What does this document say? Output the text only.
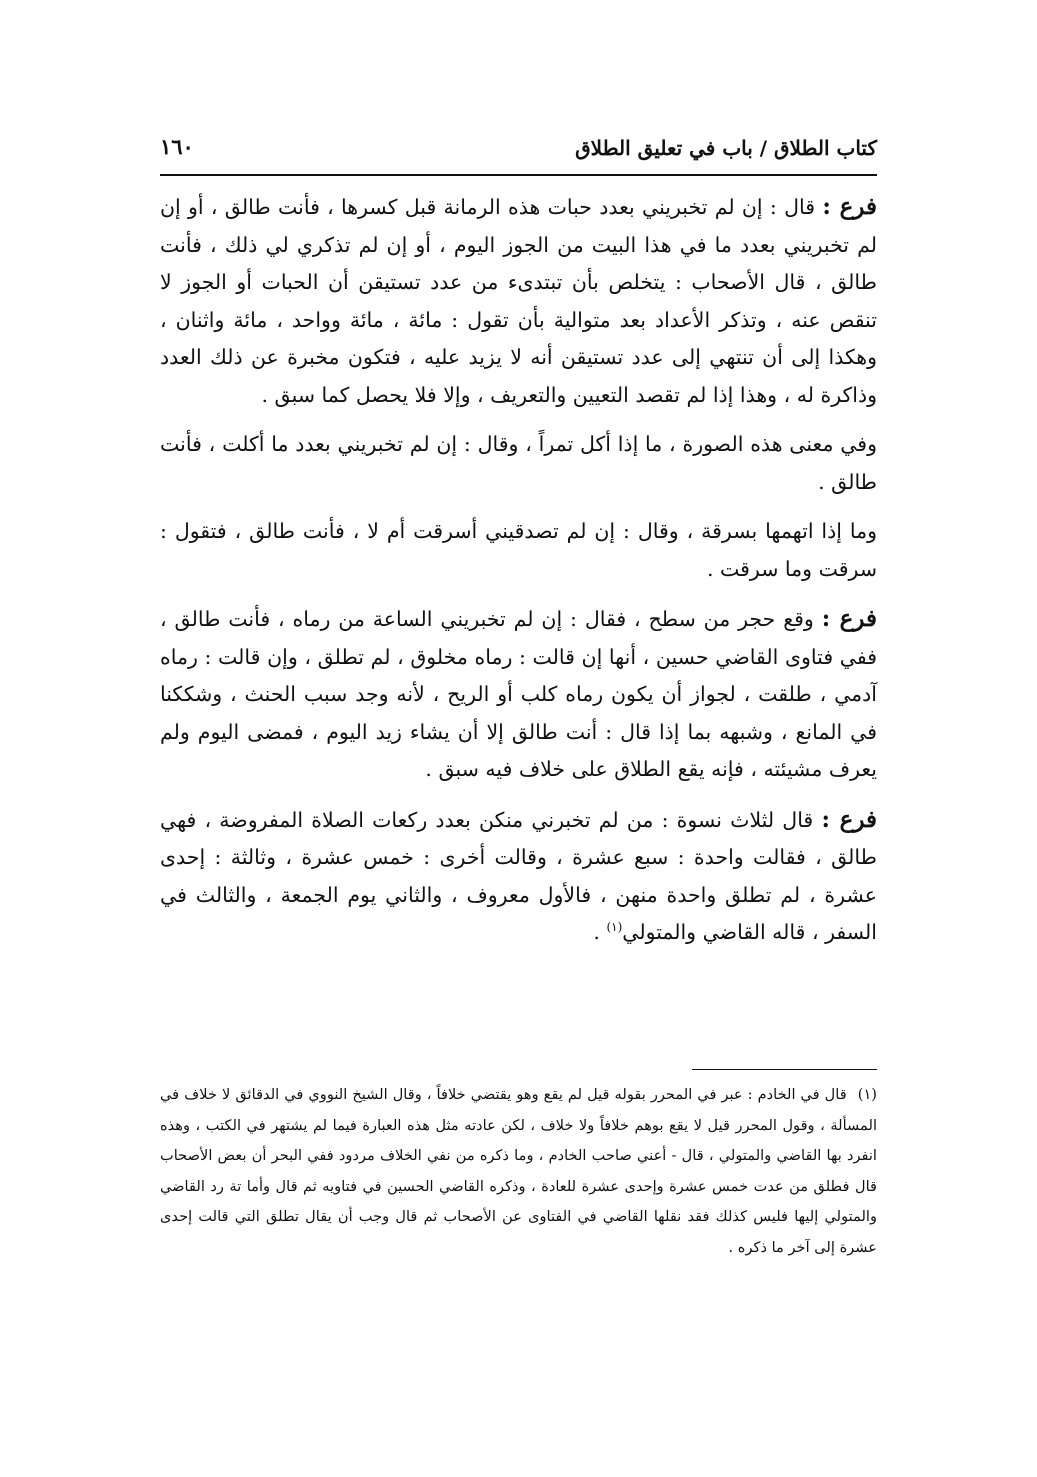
كتاب الطلاق / باب في تعليق الطلاق
١٦٠

فرع : قال : إن لم تخبريني بعدد حبات هذه الرمانة قبل كسرها ، فأنت طالق ، أو إن لم تخبريني بعدد ما في هذا البيت من الجوز اليوم ، أو إن لم تذكري لي ذلك ، فأنت طالق ، قال الأصحاب : يتخلص بأن تبتدىء من عدد تستيقن أن الحبات أو الجوز لا تنقص عنه ، وتذكر الأعداد بعد متوالية بأن تقول : مائة ، مائة وواحد ، مائة واثنان ، وهكذا إلى أن تنتهي إلى عدد تستيقن أنه لا يزيد عليه ، فتكون مخبرة عن ذلك العدد وذاكرة له ، وهذا إذا لم تقصد التعيين والتعريف ، وإلا فلا يحصل كما سبق .

وفي معنى هذه الصورة ، ما إذا أكل تمراً ، وقال : إن لم تخبريني بعدد ما أكلت ، فأنت طالق .

وما إذا اتهمها بسرقة ، وقال : إن لم تصدقيني أسرقت أم لا ، فأنت طالق ، فتقول : سرقت وما سرقت .

فرع : وقع حجر من سطح ، فقال : إن لم تخبريني الساعة من رماه ، فأنت طالق ، ففي فتاوى القاضي حسين ، أنها إن قالت : رماه مخلوق ، لم تطلق ، وإن قالت : رماه آدمي ، طلقت ، لجواز أن يكون رماه كلب أو الريح ، لأنه وجد سبب الحنث ، وشككنا في المانع ، وشبهه بما إذا قال : أنت طالق إلا أن يشاء زيد اليوم ، فمضى اليوم ولم يعرف مشيئته ، فإنه يقع الطلاق على خلاف فيه سبق .

فرع : قال لثلاث نسوة : من لم تخبرني منكن بعدد ركعات الصلاة المفروضة ، فهي طالق ، فقالت واحدة : سبع عشرة ، وقالت أخرى : خمس عشرة ، وثالثة : إحدى عشرة ، لم تطلق واحدة منهن ، فالأول معروف ، والثاني يوم الجمعة ، والثالث في السفر ، قاله القاضي والمتولي$^{(١)}$ .

(١) قال في الخادم : عبر في المحرر بقوله قيل لم يقع وهو يقتضي خلافاً ، وقال الشيخ النووي في الدقائق لا خلاف في المسألة ، وقول المحرر قيل لا يقع بوهم خلافاً ولا خلاف ، لكن عادته مثل هذه العبارة فيما لم يشتهر في الكتب ، وهذه انفرد بها القاضي والمتولي ، قال - أعني صاحب الخادم ، وما ذكره من نفي الخلاف مردود ففي البحر أن بعض الأصحاب قال فطلق من عدت خمس عشرة وإحدى عشرة للعادة ، وذكره القاضي الحسين في فتاويه ثم قال وأما تة رد القاضي والمتولي إليها فليس كذلك فقد نقلها القاضي في الفتاوى عن الأصحاب ثم قال وجب أن يقال تطلق التي قالت إحدى عشرة إلى آخر ما ذكره .
